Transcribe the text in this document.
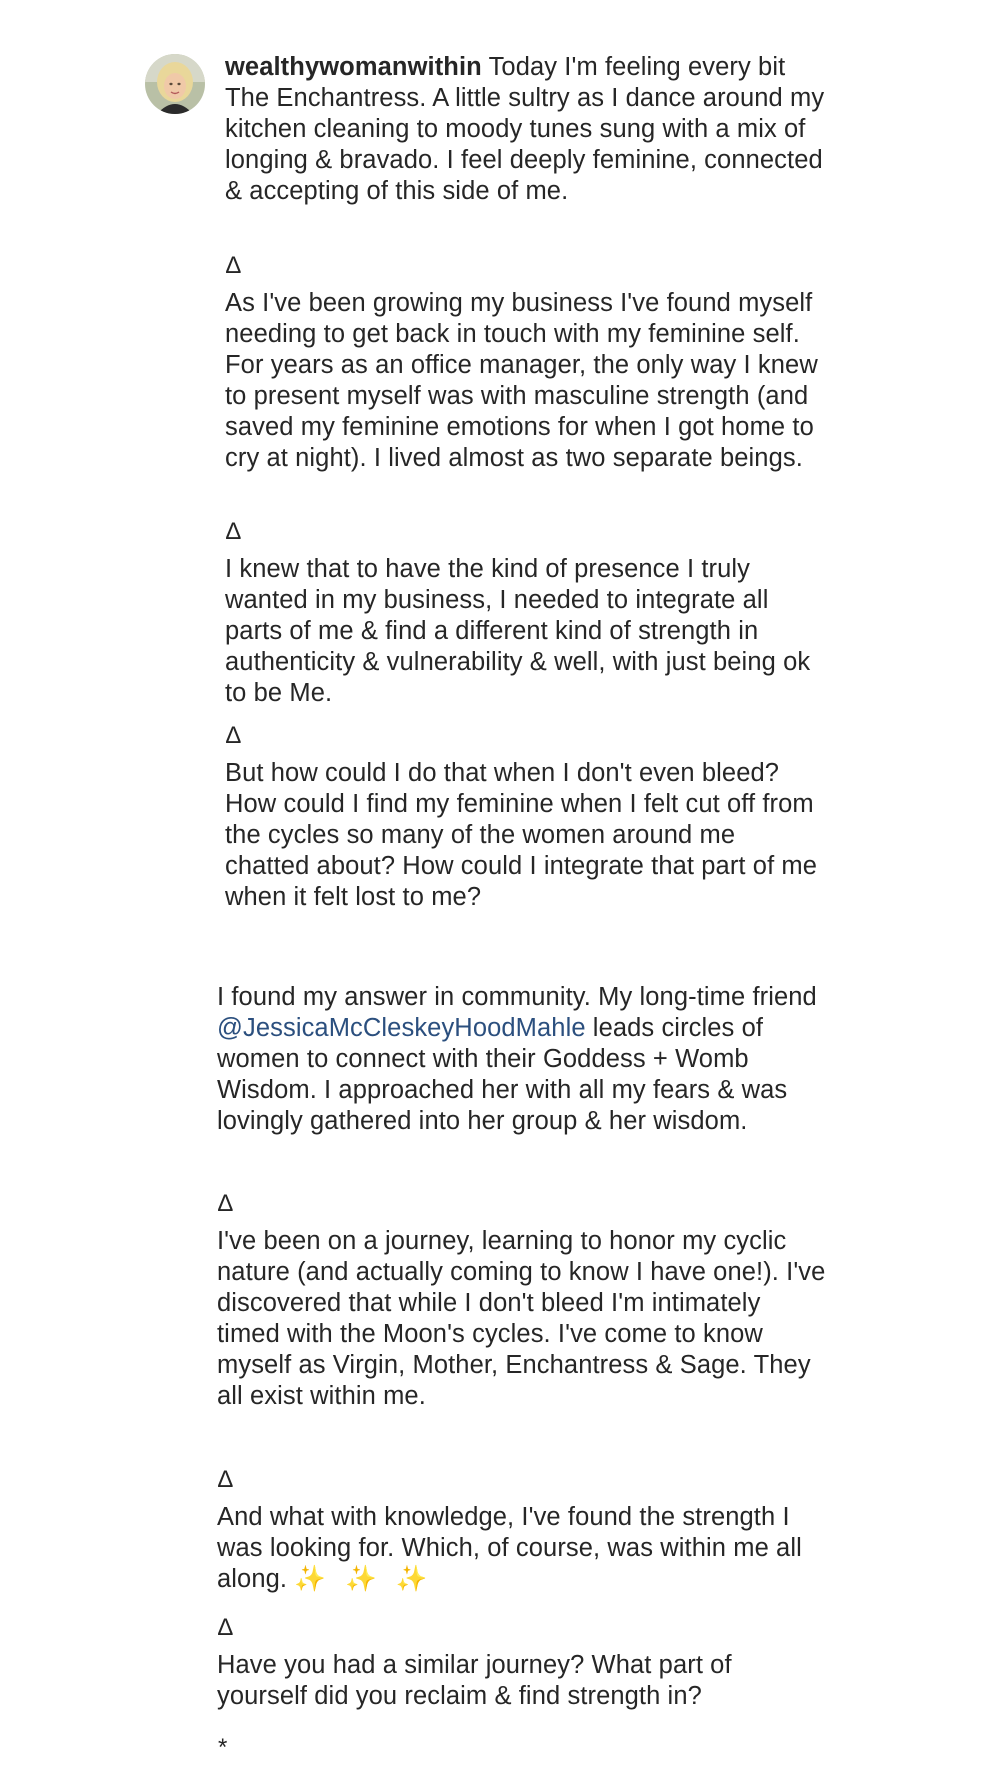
wealthywomanwithin Today I'm feeling every bit The Enchantress. A little sultry as I dance around my kitchen cleaning to moody tunes sung with a mix of longing & bravado. I feel deeply feminine, connected & accepting of this side of me.

∆

As I've been growing my business I've found myself needing to get back in touch with my feminine self. For years as an office manager, the only way I knew to present myself was with masculine strength (and saved my feminine emotions for when I got home to cry at night). I lived almost as two separate beings.

∆

I knew that to have the kind of presence I truly wanted in my business, I needed to integrate all parts of me & find a different kind of strength in authenticity & vulnerability & well, with just being ok to be Me.

∆

But how could I do that when I don't even bleed? How could I find my feminine when I felt cut off from the cycles so many of the women around me chatted about? How could I integrate that part of me when it felt lost to me?

I found my answer in community. My long-time friend @JessicaMcCleskeyHoodMahle leads circles of women to connect with their Goddess + Womb Wisdom. I approached her with all my fears & was lovingly gathered into her group & her wisdom.

∆

I've been on a journey, learning to honor my cyclic nature (and actually coming to know I have one!). I've discovered that while I don't bleed I'm intimately timed with the Moon's cycles. I've come to know myself as Virgin, Mother, Enchantress & Sage. They all exist within me.

∆

And what with knowledge, I've found the strength I was looking for. Which, of course, was within me all along. ✨ ✨ ✨

∆

Have you had a similar journey? What part of yourself did you reclaim & find strength in?

*
